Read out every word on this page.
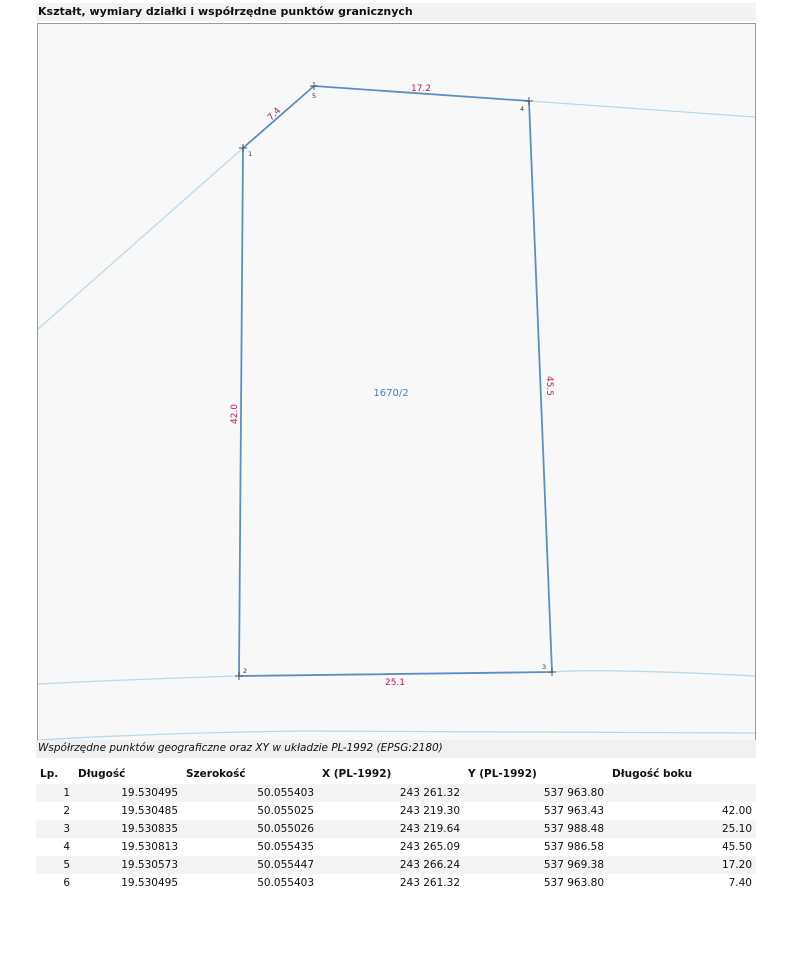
Kształt, wymiary działki i współrzędne punktów granicznych
1
2	3
4
5
42.0
25.1
45.5
17.2
7.4
1670/2
Współrzędne punktów geograficzne oraz XY w układzie PL-1992 (EPSG:2180)
Lp.	Długość	Szerokość	X (PL-1992)	Y (PL-1992)	Długość boku
1	19.530495	50.055403	243 261.32	537 963.80	
2	19.530485	50.055025	243 219.30	537 963.43	42.00
3	19.530835	50.055026	243 219.64	537 988.48	25.10
4	19.530813	50.055435	243 265.09	537 986.58	45.50
5	19.530573	50.055447	243 266.24	537 969.38	17.20
6	19.530495	50.055403	243 261.32	537 963.80	7.40
